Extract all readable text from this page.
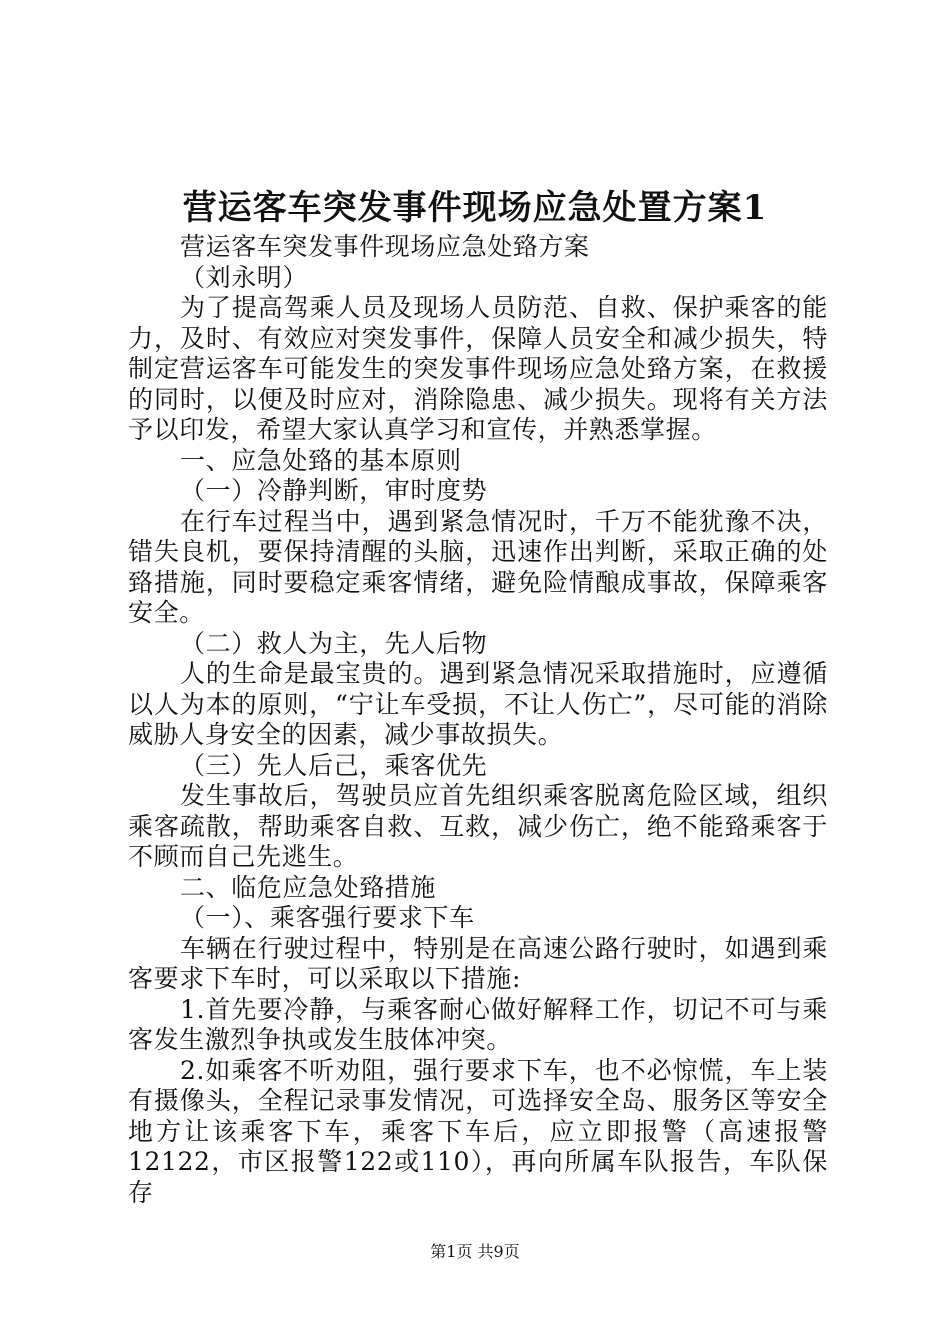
营运客车突发事件现场应急处置方案1

营运客车突发事件现场应急处臵方案

（刘永明）

为了提高驾乘人员及现场人员防范、自救、保护乘客的能力，及时、有效应对突发事件，保障人员安全和减少损失，特制定营运客车可能发生的突发事件现场应急处臵方案，在救援的同时，以便及时应对，消除隐患、减少损失。现将有关方法予以印发，希望大家认真学习和宣传，并熟悉掌握。

一、应急处臵的基本原则

（一）冷静判断，审时度势

在行车过程当中，遇到紧急情况时，千万不能犹豫不决，错失良机，要保持清醒的头脑，迅速作出判断，采取正确的处臵措施，同时要稳定乘客情绪，避免险情酿成事故，保障乘客安全。

（二）救人为主，先人后物

人的生命是最宝贵的。遇到紧急情况采取措施时，应遵循以人为本的原则，“宁让车受损，不让人伤亡”，尽可能的消除威胁人身安全的因素，减少事故损失。

（三）先人后己，乘客优先

发生事故后，驾驶员应首先组织乘客脱离危险区域，组织乘客疏散，帮助乘客自救、互救，减少伤亡，绝不能臵乘客于不顾而自己先逃生。

二、临危应急处臵措施

（一）、乘客强行要求下车

车辆在行驶过程中，特别是在高速公路行驶时，如遇到乘客要求下车时，可以采取以下措施:

1.首先要冷静，与乘客耐心做好解释工作，切记不可与乘客发生激烈争执或发生肢体冲突。

2.如乘客不听劝阻，强行要求下车，也不必惊慌，车上装有摄像头，全程记录事发情况，可选择安全岛、服务区等安全地方让该乘客下车，乘客下车后，应立即报警（高速报警12122，市区报警122或110），再向所属车队报告，车队保存

第1页 共9页
